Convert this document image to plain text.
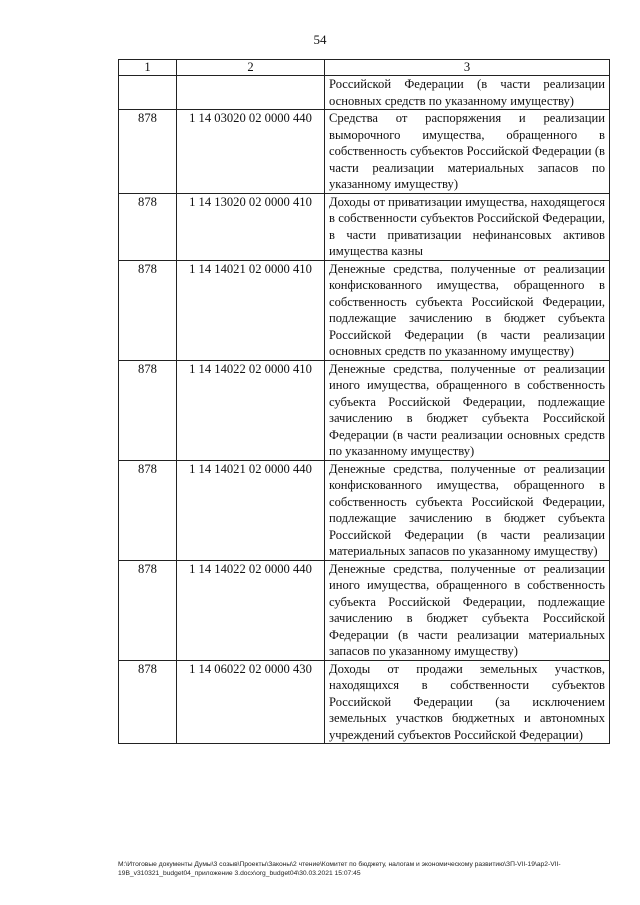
54
1	2	3
		Российской Федерации (в части реализации основных средств по указанному имуществу)
878	1 14 03020 02 0000 440	Средства от распоряжения и реализации выморочного имущества, обращенного в собственность субъектов Российской Федерации (в части реализации материальных запасов по указанному имуществу)
878	1 14 13020 02 0000 410	Доходы от приватизации имущества, находящегося в собственности субъектов Российской Федерации, в части приватизации нефинансовых активов имущества казны
878	1 14 14021 02 0000 410	Денежные средства, полученные от реализации конфискованного имущества, обращенного в собственность субъекта Российской Федерации, подлежащие зачислению в бюджет субъекта Российской Федерации (в части реализации основных средств по указанному имуществу)
878	1 14 14022 02 0000 410	Денежные средства, полученные от реализации иного имущества, обращенного в собственность субъекта Российской Федерации, подлежащие зачислению в бюджет субъекта Российской Федерации (в части реализации основных средств по указанному имуществу)
878	1 14 14021 02 0000 440	Денежные средства, полученные от реализации конфискованного имущества, обращенного в собственность субъекта Российской Федерации, подлежащие зачислению в бюджет субъекта Российской Федерации (в части реализации материальных запасов по указанному имуществу)
878	1 14 14022 02 0000 440	Денежные средства, полученные от реализации иного имущества, обращенного в собственность субъекта Российской Федерации, подлежащие зачислению в бюджет субъекта Российской Федерации (в части реализации материальных запасов по указанному имуществу)
878	1 14 06022 02 0000 430	Доходы от продажи земельных участков, находящихся в собственности субъектов Российской Федерации (за исключением земельных участков бюджетных и автономных учреждений субъектов Российской Федерации)
M:\Итоговые документы Думы\3 созыв\Проекты\Законы\2 чтение\Комитет по бюджету, налогам и экономическому развитию\ЗП-VII-19\ар2-VII-
19В_v310321_budget04_приложение 3.docx\org_budget04\30.03.2021 15:07:45
